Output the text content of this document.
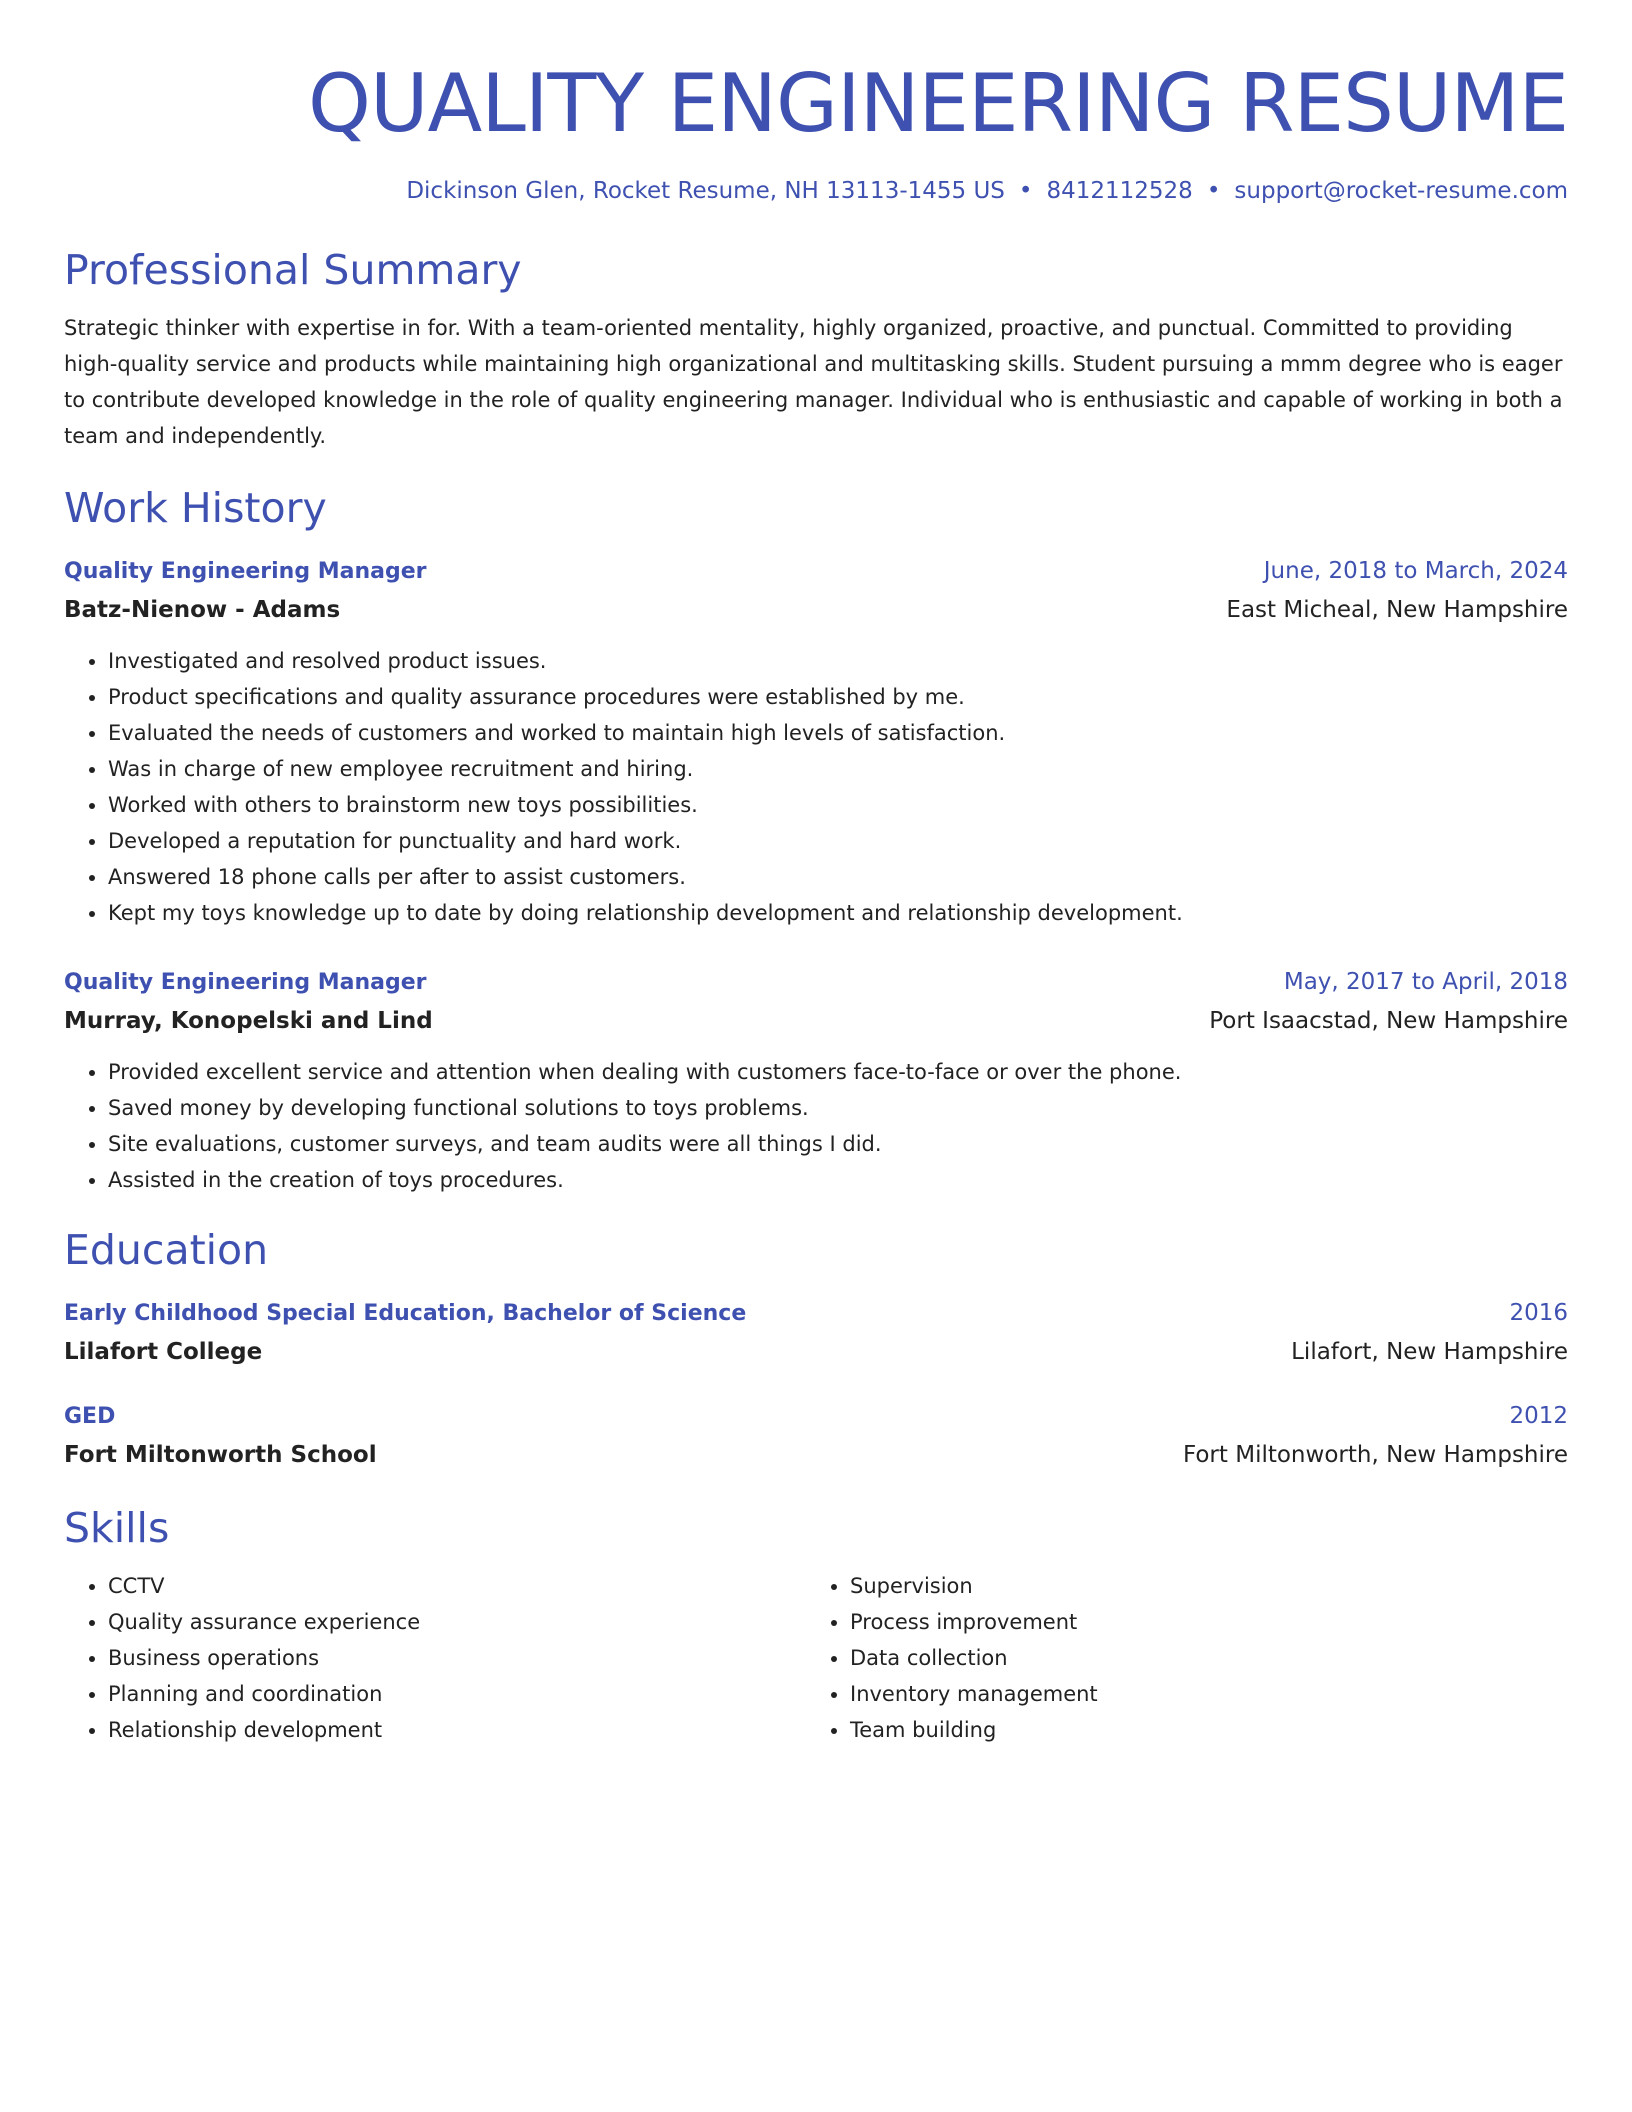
QUALITY ENGINEERING RESUME
Dickinson Glen, Rocket Resume, NH 13113-1455 US • 8412112528 • support@rocket-resume.com
Professional Summary
Strategic thinker with expertise in for. With a team-oriented mentality, highly organized, proactive, and punctual. Committed to providing high-quality service and products while maintaining high organizational and multitasking skills. Student pursuing a mmm degree who is eager to contribute developed knowledge in the role of quality engineering manager. Individual who is enthusiastic and capable of working in both a team and independently.
Work History
Quality Engineering Manager	June, 2018 to March, 2024
Batz-Nienow - Adams	East Micheal, New Hampshire
• Investigated and resolved product issues.
• Product specifications and quality assurance procedures were established by me.
• Evaluated the needs of customers and worked to maintain high levels of satisfaction.
• Was in charge of new employee recruitment and hiring.
• Worked with others to brainstorm new toys possibilities.
• Developed a reputation for punctuality and hard work.
• Answered 18 phone calls per after to assist customers.
• Kept my toys knowledge up to date by doing relationship development and relationship development.
Quality Engineering Manager	May, 2017 to April, 2018
Murray, Konopelski and Lind	Port Isaacstad, New Hampshire
• Provided excellent service and attention when dealing with customers face-to-face or over the phone.
• Saved money by developing functional solutions to toys problems.
• Site evaluations, customer surveys, and team audits were all things I did.
• Assisted in the creation of toys procedures.
Education
Early Childhood Special Education, Bachelor of Science	2016
Lilafort College	Lilafort, New Hampshire
GED	2012
Fort Miltonworth School	Fort Miltonworth, New Hampshire
Skills
• CCTV
• Quality assurance experience
• Business operations
• Planning and coordination
• Relationship development
• Supervision
• Process improvement
• Data collection
• Inventory management
• Team building
